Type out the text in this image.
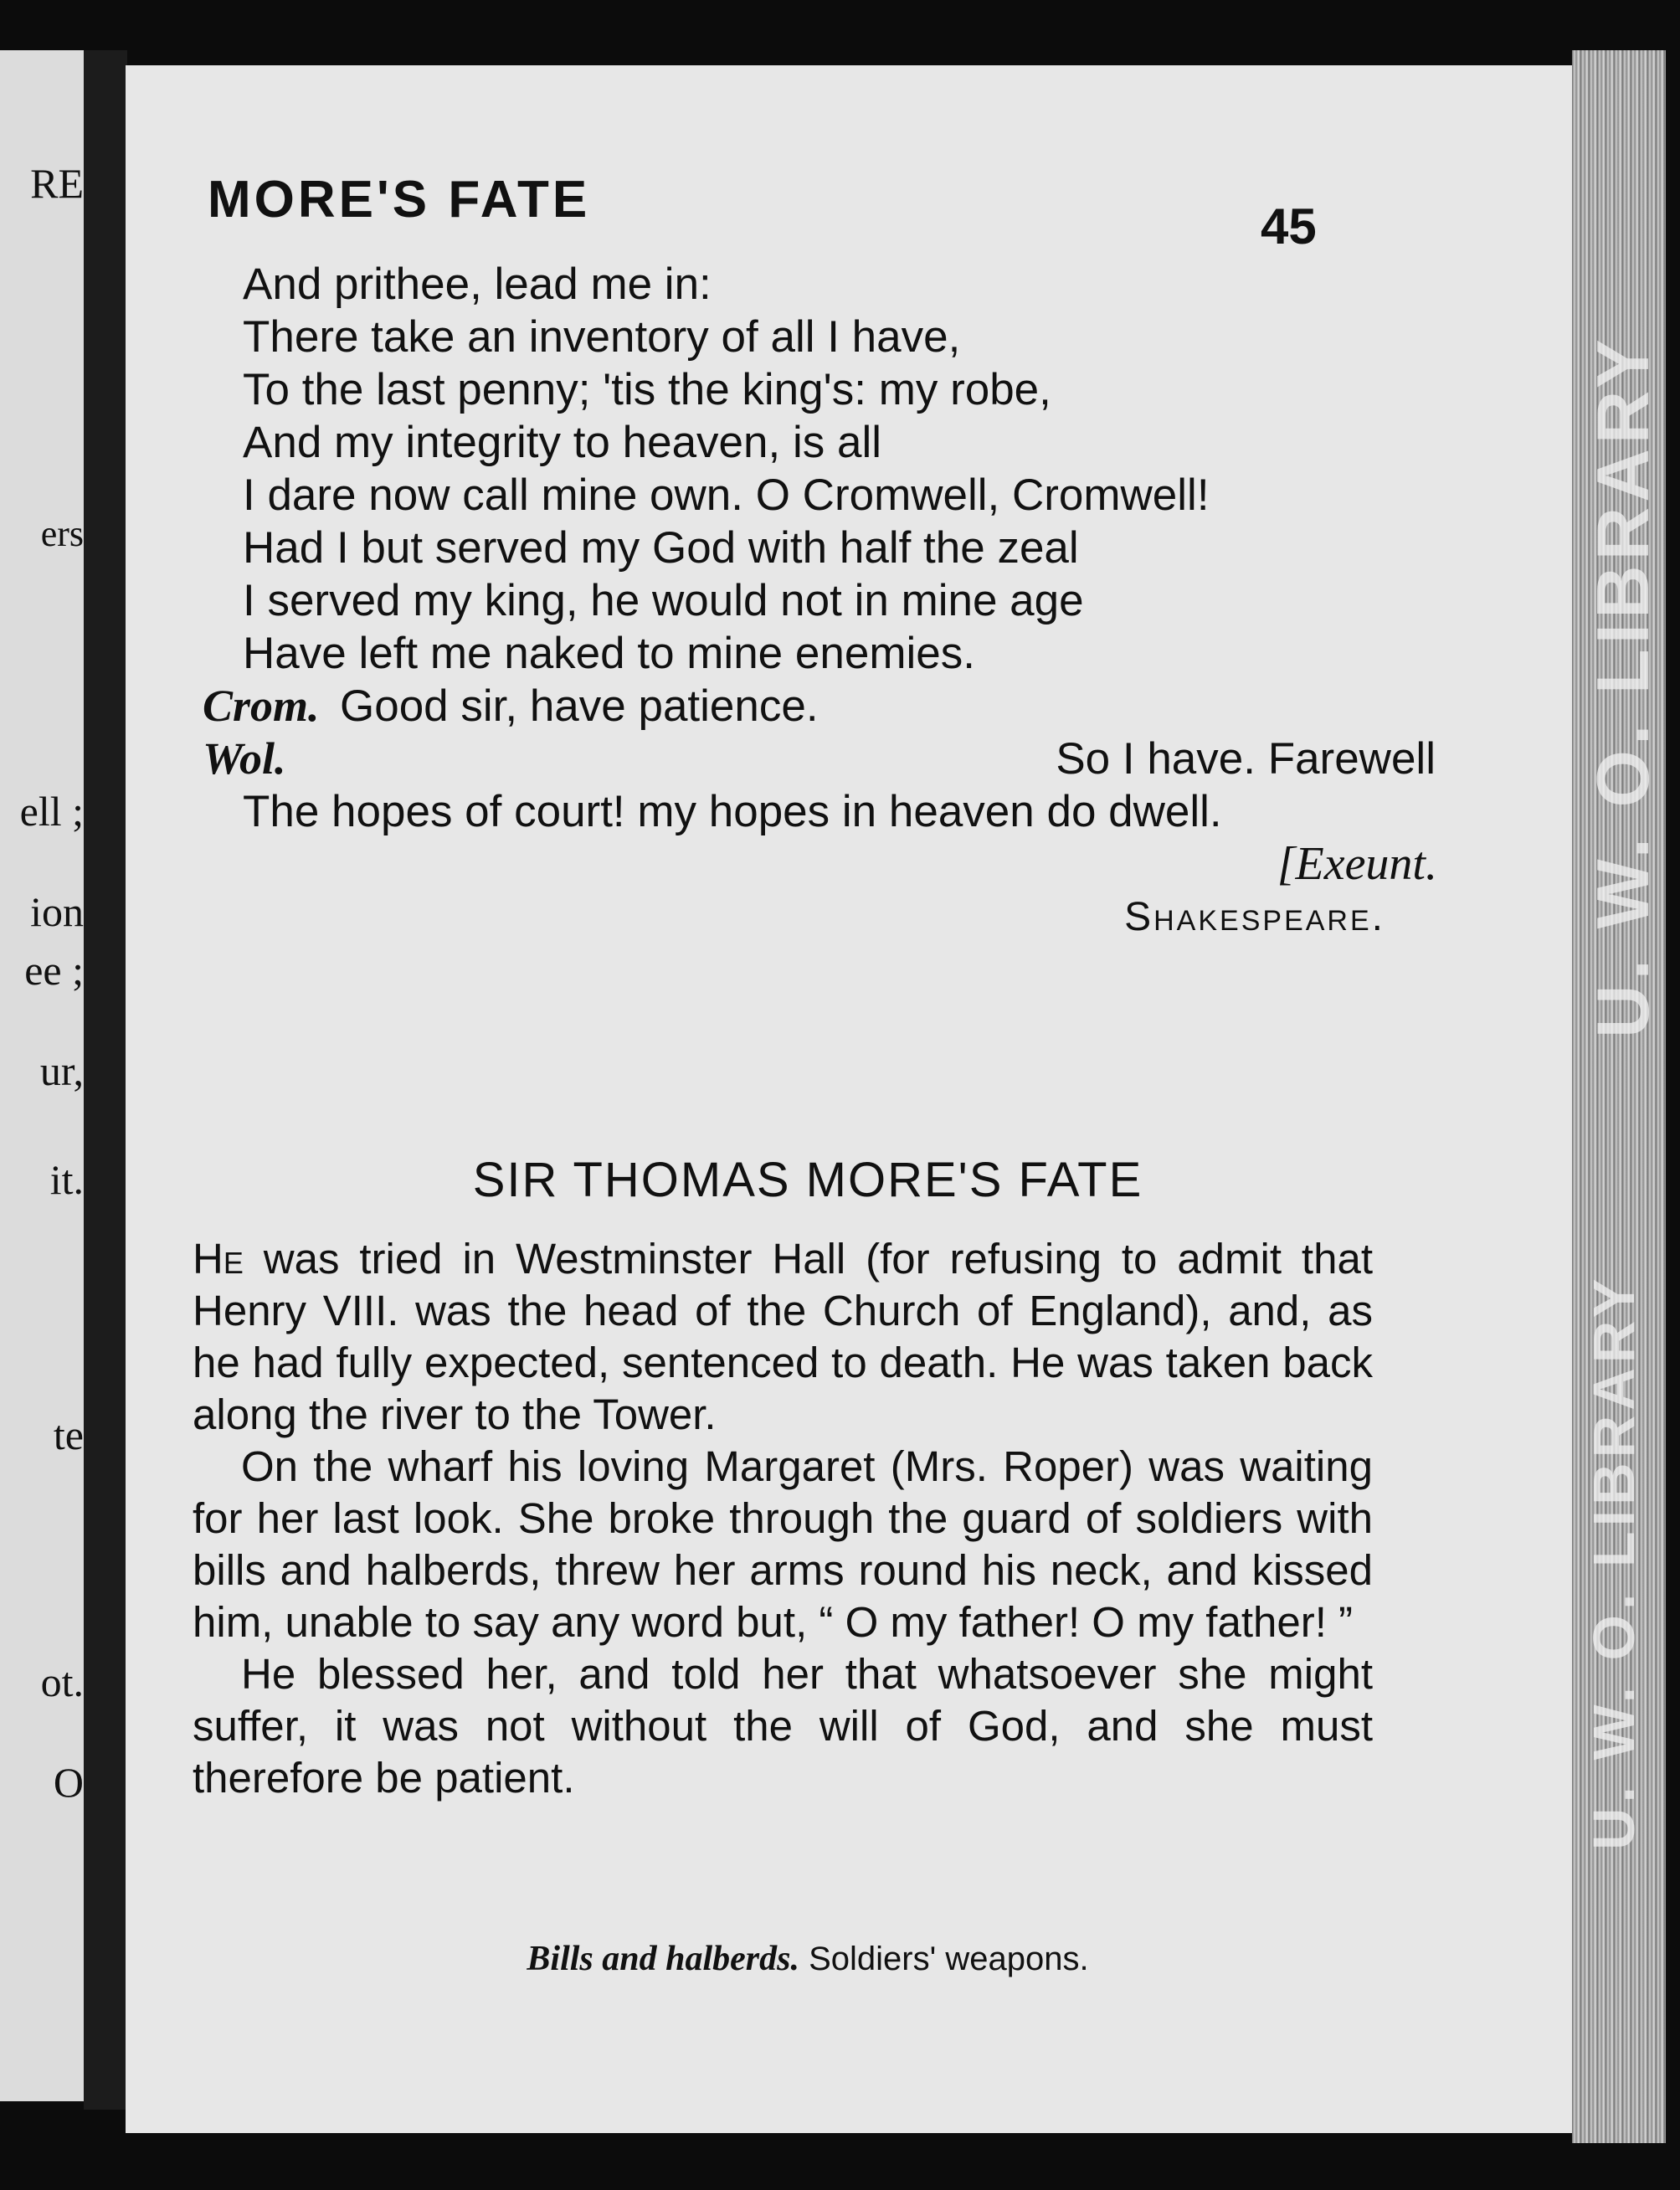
RE
ers
ell ;
ion
ee ;
ur,
it.
te
ot.
O
MORE'S FATE	45
And prithee, lead me in:
There take an inventory of all I have,
To the last penny; 'tis the king's: my robe,
And my integrity to heaven, is all
I dare now call mine own. O Cromwell, Cromwell!
Had I but served my God with half the zeal
I served my king, he would not in mine age
Have left me naked to mine enemies.
Crom. Good sir, have patience.
Wol.	So I have. Farewell
The hopes of court! my hopes in heaven do dwell.
[Exeunt.
Shakespeare.
SIR THOMAS MORE'S FATE

He was tried in Westminster Hall (for refusing to admit that Henry VIII. was the head of the Church of England), and, as he had fully expected, sentenced to death. He was taken back along the river to the Tower.

On the wharf his loving Margaret (Mrs. Roper) was waiting for her last look. She broke through the guard of soldiers with bills and halberds, threw her arms round his neck, and kissed him, unable to say any word but, “ O my father! O my father! ”

He blessed her, and told her that whatsoever she might suffer, it was not without the will of God, and she must therefore be patient.

Bills and halberds. Soldiers' weapons.
U. W. O. LIBRARY
U. W. O. LIBRARY
